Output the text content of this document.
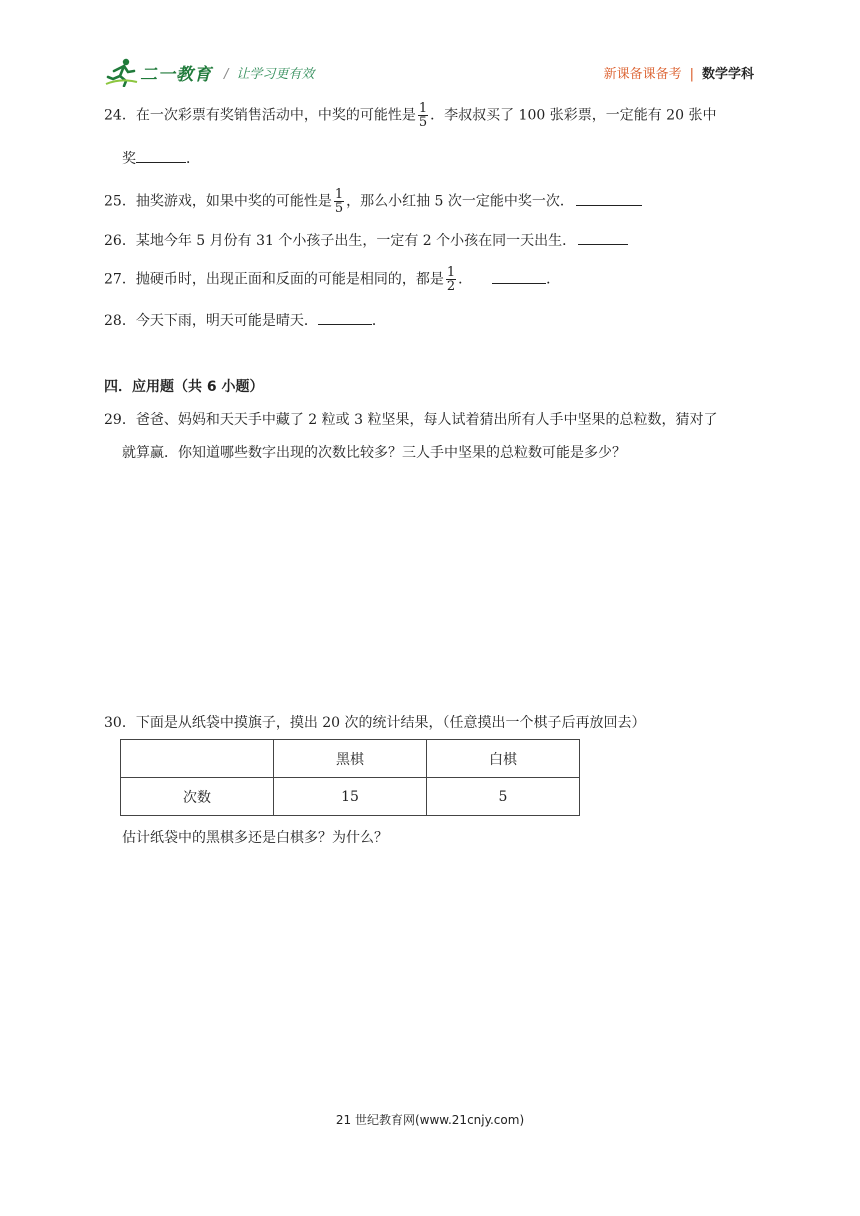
二一教育 / 让学习更有效	新课备课备考 | 数学学科
24．在一次彩票有奖销售活动中，中奖的可能性是 $\frac{1}{5}$ ．李叔叔买了 100 张彩票，一定能有 20 张中
奖	．
25．抽奖游戏，如果中奖的可能性是 $\frac{1}{5}$ ，那么小红抽 5 次一定能中奖一次．
26．某地今年 5 月份有 31 个小孩子出生，一定有 2 个小孩在同一天出生．
27．抛硬币时，出现正面和反面的可能是相同的，都是 $\frac{1}{2}$ ．	．
28．今天下雨，明天可能是晴天．	．
四．应用题（共 6 小题）
29．爸爸、妈妈和天天手中藏了 2 粒或 3 粒坚果，每人试着猜出所有人手中坚果的总粒数，猜对了
就算赢．你知道哪些数字出现的次数比较多？三人手中坚果的总粒数可能是多少？
30．下面是从纸袋中摸旗子，摸出 20 次的统计结果，（任意摸出一个棋子后再放回去）
	黑棋	白棋
次数	15	5
估计纸袋中的黑棋多还是白棋多？为什么？
21 世纪教育网(www.21cnjy.com)
